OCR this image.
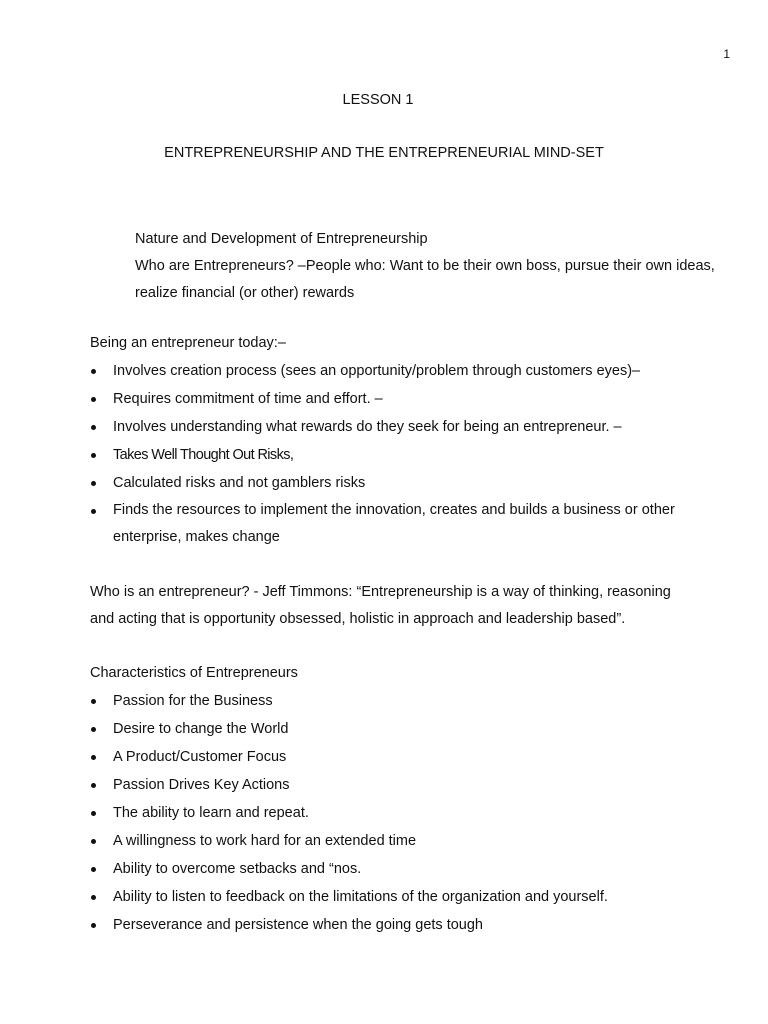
1
LESSON 1
ENTREPRENEURSHIP AND THE ENTREPRENEURIAL MIND-SET

Nature and Development of Entrepreneurship

Who are Entrepreneurs? –People who: Want to be their own boss, pursue their own ideas,

realize financial (or other) rewards

Being an entrepreneur today:–

Involves creation process (sees an opportunity/problem through customers eyes)–
Requires commitment of time and effort. –
Involves understanding what rewards do they seek for being an entrepreneur. –
Takes Well Thought Out Risks,
Calculated risks and not gamblers risks
Finds the resources to implement the innovation, creates and builds a business or other
enterprise, makes change

Who is an entrepreneur? - Jeff Timmons: “Entrepreneurship is a way of thinking, reasoning

and acting that is opportunity obsessed, holistic in approach and leadership based”.

Characteristics of Entrepreneurs

Passion for the Business
Desire to change the World
A Product/Customer Focus
Passion Drives Key Actions
The ability to learn and repeat.
A willingness to work hard for an extended time
Ability to overcome setbacks and “nos.
Ability to listen to feedback on the limitations of the organization and yourself.
Perseverance and persistence when the going gets tough
